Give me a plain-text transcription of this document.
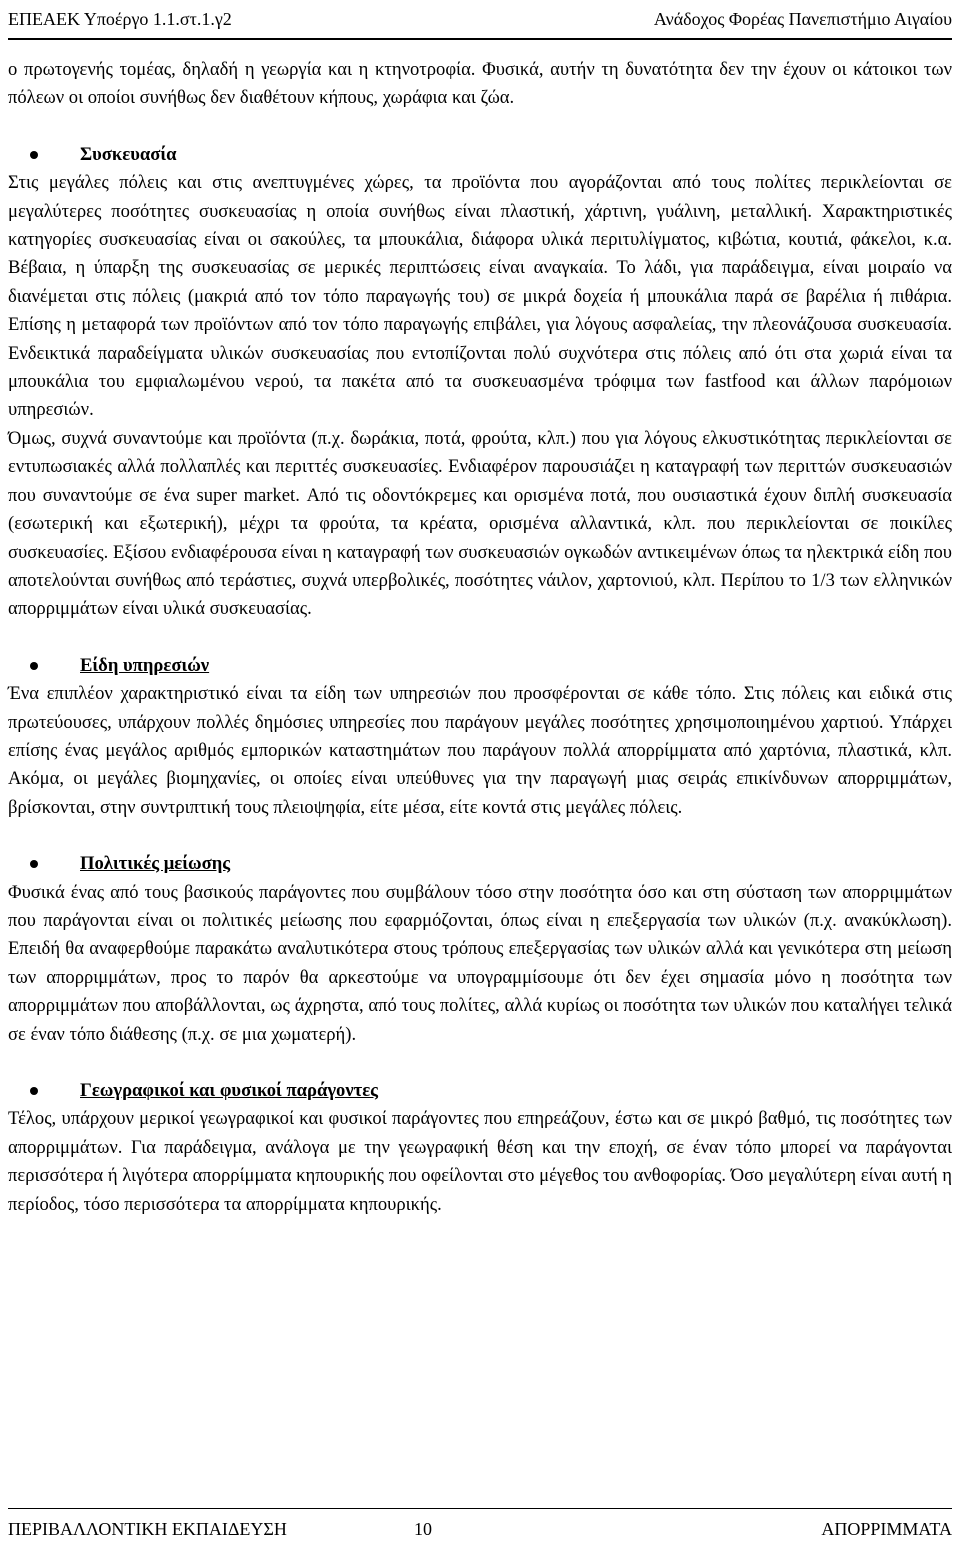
ΕΠΕΑΕΚ Υποέργο 1.1.στ.1.γ2	Ανάδοχος Φορέας Πανεπιστήμιο Αιγαίου

ο πρωτογενής τομέας, δηλαδή η γεωργία και η κτηνοτροφία. Φυσικά, αυτήν τη δυνατότητα δεν την έχουν οι κάτοικοι των πόλεων οι οποίοι συνήθως δεν διαθέτουν κήπους, χωράφια και ζώα.

Συσκευασία

Στις μεγάλες πόλεις και στις ανεπτυγμένες χώρες, τα προϊόντα που αγοράζονται από τους πολίτες περικλείονται σε μεγαλύτερες ποσότητες συσκευασίας η οποία συνήθως είναι πλαστική, χάρτινη, γυάλινη, μεταλλική. Χαρακτηριστικές κατηγορίες συσκευασίας είναι οι σακούλες, τα μπουκάλια, διάφορα υλικά περιτυλίγματος, κιβώτια, κουτιά, φάκελοι, κ.α. Βέβαια, η ύπαρξη της συσκευασίας σε μερικές περιπτώσεις είναι αναγκαία. Το λάδι, για παράδειγμα, είναι μοιραίο να διανέμεται στις πόλεις (μακριά από τον τόπο παραγωγής του) σε μικρά δοχεία ή μπουκάλια παρά σε βαρέλια ή πιθάρια. Επίσης η μεταφορά των προϊόντων από τον τόπο παραγωγής επιβάλει, για λόγους ασφαλείας, την πλεονάζουσα συσκευασία. Ενδεικτικά παραδείγματα υλικών συσκευασίας που εντοπίζονται πολύ συχνότερα στις πόλεις από ότι στα χωριά είναι τα μπουκάλια του εμφιαλωμένου νερού, τα πακέτα από τα συσκευασμένα τρόφιμα των fastfood και άλλων παρόμοιων υπηρεσιών.

Όμως, συχνά συναντούμε και προϊόντα (π.χ. δωράκια, ποτά, φρούτα, κλπ.) που για λόγους ελκυστικότητας περικλείονται σε εντυπωσιακές αλλά πολλαπλές και περιττές συσκευασίες. Ενδιαφέρον παρουσιάζει η καταγραφή των περιττών συσκευασιών που συναντούμε σε ένα super market. Από τις οδοντόκρεμες και ορισμένα ποτά, που ουσιαστικά έχουν διπλή συσκευασία (εσωτερική και εξωτερική), μέχρι τα φρούτα, τα κρέατα, ορισμένα αλλαντικά, κλπ. που περικλείονται σε ποικίλες συσκευασίες. Εξίσου ενδιαφέρουσα είναι η καταγραφή των συσκευασιών ογκωδών αντικειμένων όπως τα ηλεκτρικά είδη που αποτελούνται συνήθως από τεράστιες, συχνά υπερβολικές, ποσότητες νάιλον, χαρτονιού, κλπ. Περίπου το 1/3 των ελληνικών απορριμμάτων είναι υλικά συσκευασίας.

Είδη υπηρεσιών

Ένα επιπλέον χαρακτηριστικό είναι τα είδη των υπηρεσιών που προσφέρονται σε κάθε τόπο. Στις πόλεις και ειδικά στις πρωτεύουσες, υπάρχουν πολλές δημόσιες υπηρεσίες που παράγουν μεγάλες ποσότητες χρησιμοποιημένου χαρτιού. Υπάρχει επίσης ένας μεγάλος αριθμός εμπορικών καταστημάτων που παράγουν πολλά απορρίμματα από χαρτόνια, πλαστικά, κλπ. Ακόμα, οι μεγάλες βιομηχανίες, οι οποίες είναι υπεύθυνες για την παραγωγή μιας σειράς επικίνδυνων απορριμμάτων, βρίσκονται, στην συντριπτική τους πλειοψηφία, είτε μέσα, είτε κοντά στις μεγάλες πόλεις.

Πολιτικές μείωσης

Φυσικά ένας από τους βασικούς παράγοντες που συμβάλουν τόσο στην ποσότητα όσο και στη σύσταση των απορριμμάτων που παράγονται είναι οι πολιτικές μείωσης που εφαρμόζονται, όπως είναι η επεξεργασία των υλικών (π.χ. ανακύκλωση). Επειδή θα αναφερθούμε παρακάτω αναλυτικότερα στους τρόπους επεξεργασίας των υλικών αλλά και γενικότερα στη μείωση των απορριμμάτων, προς το παρόν θα αρκεστούμε να υπογραμμίσουμε ότι δεν έχει σημασία μόνο η ποσότητα των απορριμμάτων που αποβάλλονται, ως άχρηστα, από τους πολίτες, αλλά κυρίως οι ποσότητα των υλικών που καταλήγει τελικά σε έναν τόπο διάθεσης (π.χ. σε μια χωματερή).

Γεωγραφικοί και φυσικοί παράγοντες

Τέλος, υπάρχουν μερικοί γεωγραφικοί και φυσικοί παράγοντες που επηρεάζουν, έστω και σε μικρό βαθμό, τις ποσότητες των απορριμμάτων. Για παράδειγμα, ανάλογα με την γεωγραφική θέση και την εποχή, σε έναν τόπο μπορεί να παράγονται περισσότερα ή λιγότερα απορρίμματα κηπουρικής που οφείλονται στο μέγεθος του ανθοφορίας. Όσο μεγαλύτερη είναι αυτή η περίοδος, τόσο περισσότερα τα απορρίμματα κηπουρικής.

ΠΕΡΙΒΑΛΛΟΝΤΙΚΗ ΕΚΠΑΙΔΕΥΣΗ	10	ΑΠΟΡΡΙΜΜΑΤΑ
